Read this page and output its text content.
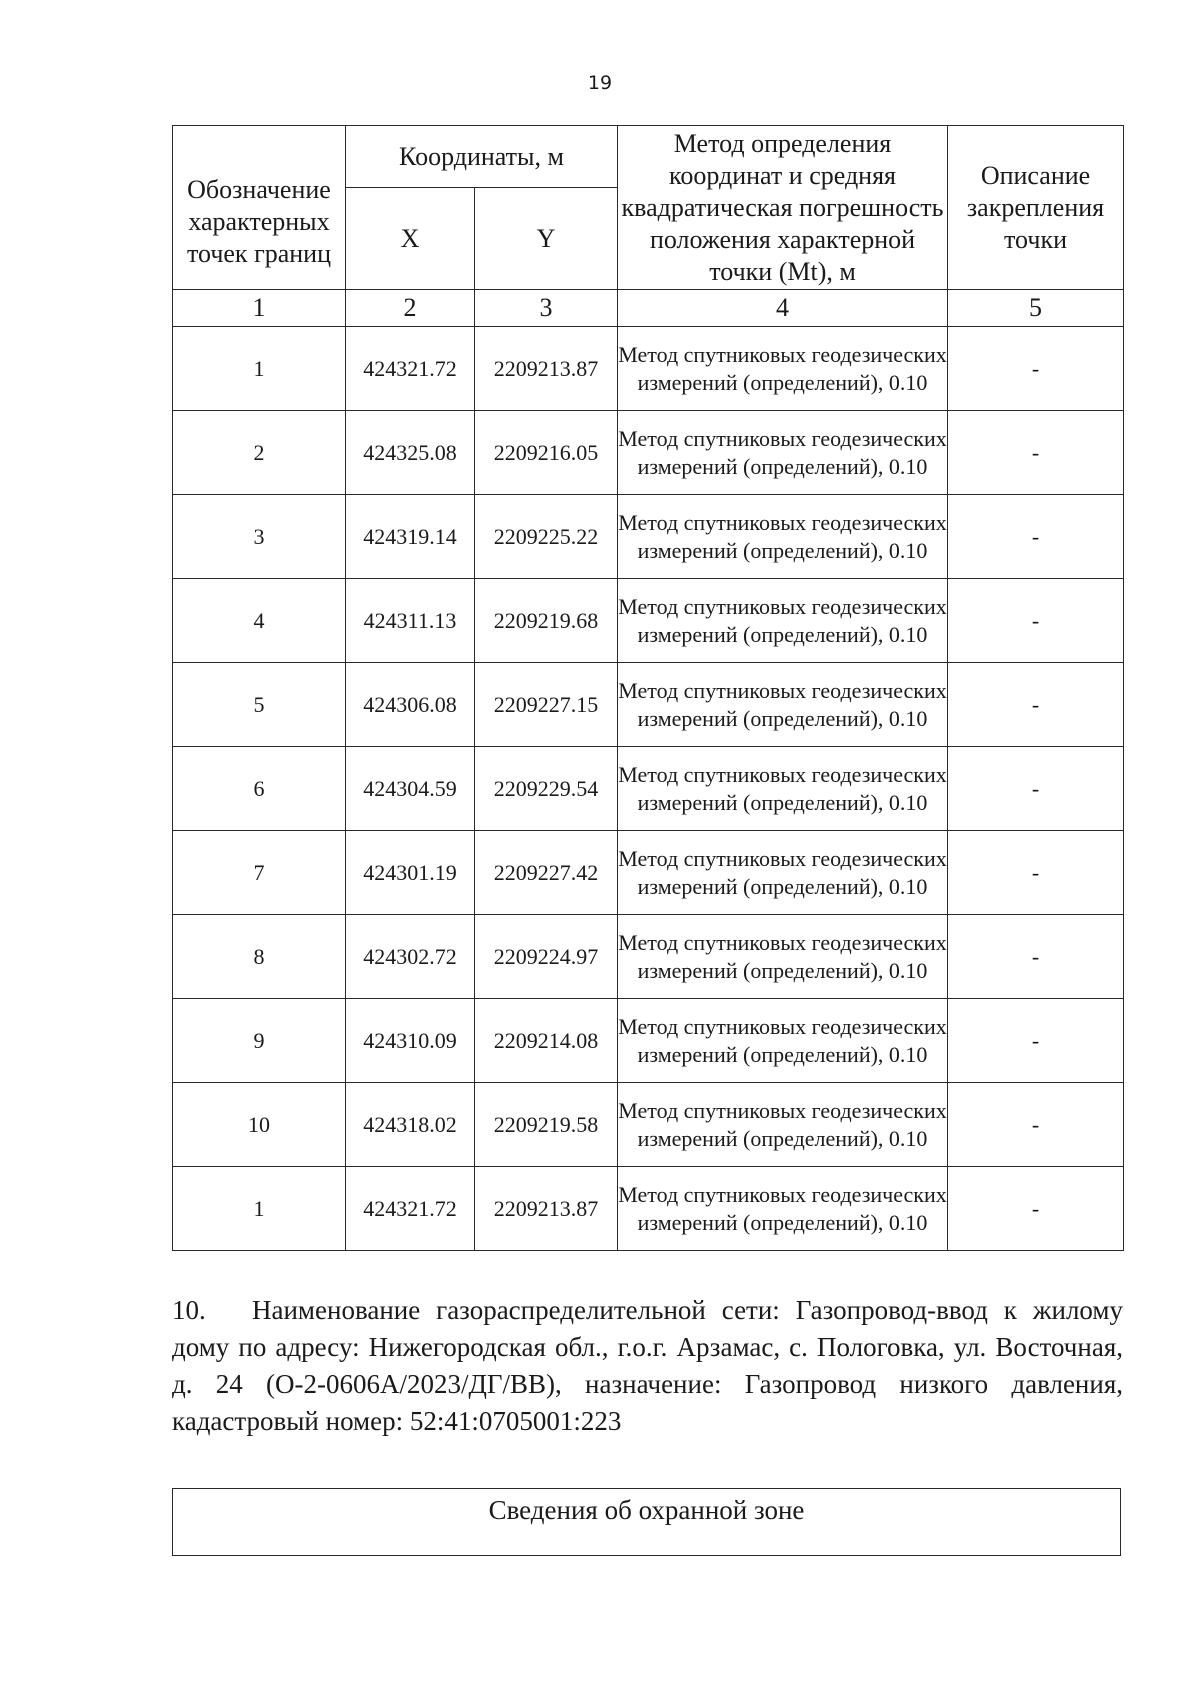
19
Обозначение характерных точек границ	Координаты, м		Метод определения координат и средняя квадратическая погрешность положения характерной точки (Mt), м	Описание закрепления точки
	X	Y		
1	2	3	4	5
1	424321.72	2209213.87	Метод спутниковых геодезических измерений (определений), 0.10	-
2	424325.08	2209216.05	Метод спутниковых геодезических измерений (определений), 0.10	-
3	424319.14	2209225.22	Метод спутниковых геодезических измерений (определений), 0.10	-
4	424311.13	2209219.68	Метод спутниковых геодезических измерений (определений), 0.10	-
5	424306.08	2209227.15	Метод спутниковых геодезических измерений (определений), 0.10	-
6	424304.59	2209229.54	Метод спутниковых геодезических измерений (определений), 0.10	-
7	424301.19	2209227.42	Метод спутниковых геодезических измерений (определений), 0.10	-
8	424302.72	2209224.97	Метод спутниковых геодезических измерений (определений), 0.10	-
9	424310.09	2209214.08	Метод спутниковых геодезических измерений (определений), 0.10	-
10	424318.02	2209219.58	Метод спутниковых геодезических измерений (определений), 0.10	-
1	424321.72	2209213.87	Метод спутниковых геодезических измерений (определений), 0.10	-

10. Наименование газораспределительной сети: Газопровод-ввод к жилому дому по адресу: Нижегородская обл., г.о.г. Арзамас, с. Пологовка, ул. Восточная, д. 24 (О-2-0606А/2023/ДГ/ВВ), назначение: Газопровод низкого давления, кадастровый номер: 52:41:0705001:223

Сведения об охранной зоне
